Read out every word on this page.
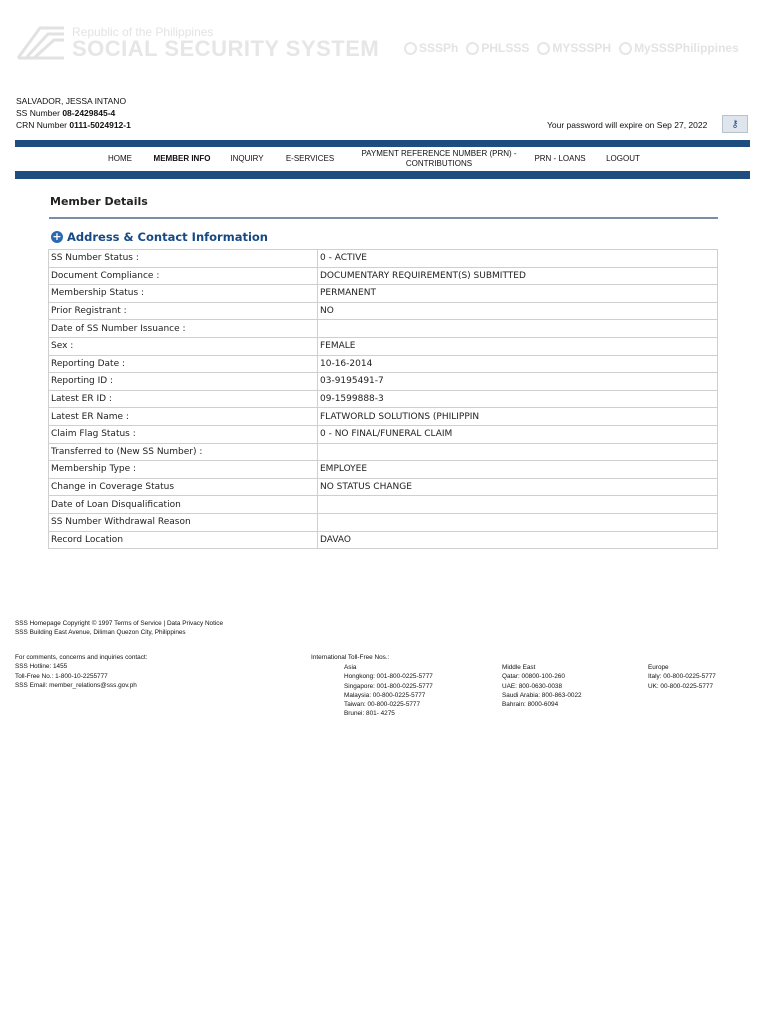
Republic of the Philippines
SOCIAL SECURITY SYSTEM	SSSPh PHLSSS MYSSSPH MySSSPhilippines
SALVADOR, JESSA INTANO
SS Number 08-2429845-4
CRN Number 0111-5024912-1	Your password will expire on Sep 27, 2022 ⚷
HOME	MEMBER INFO	INQUIRY	E-SERVICES
PAYMENT REFERENCE NUMBER (PRN) - CONTRIBUTIONS
PRN - LOANS	LOGOUT
Member Details
+ Address & Contact Information
SS Number Status :	0 - ACTIVE
Document Compliance :	DOCUMENTARY REQUIREMENT(S) SUBMITTED
Membership Status :	PERMANENT
Prior Registrant :	NO
Date of SS Number Issuance :	
Sex :	FEMALE
Reporting Date :	10-16-2014
Reporting ID :	03-9195491-7
Latest ER ID :	09-1599888-3
Latest ER Name :	FLATWORLD SOLUTIONS (PHILIPPIN
Claim Flag Status :	0 - NO FINAL/FUNERAL CLAIM
Transferred to (New SS Number) :	
Membership Type :	EMPLOYEE
Change in Coverage Status	NO STATUS CHANGE
Date of Loan Disqualification	
SS Number Withdrawal Reason	
Record Location	DAVAO
SSS Homepage Copyright © 1997 Terms of Service | Data Privacy Notice
SSS Building East Avenue, Diliman Quezon City, Philippines
For comments, concerns and inquiries contact:
SSS Hotline: 1455
Toll-Free No.: 1-800-10-2255777
SSS Email: member_relations@sss.gov.ph
International Toll-Free Nos.:
Asia
Hongkong: 001-800-0225-5777
Singapore: 001-800-0225-5777
Malaysia: 00-800-0225-5777
Taiwan: 00-800-0225-5777
Brunei: 801- 4275
Middle East
Qatar: 00800-100-260
UAE: 800-0630-0038
Saudi Arabia: 800-863-0022
Bahrain: 8000-6094
Europe
Italy: 00-800-0225-5777
UK: 00-800-0225-5777
